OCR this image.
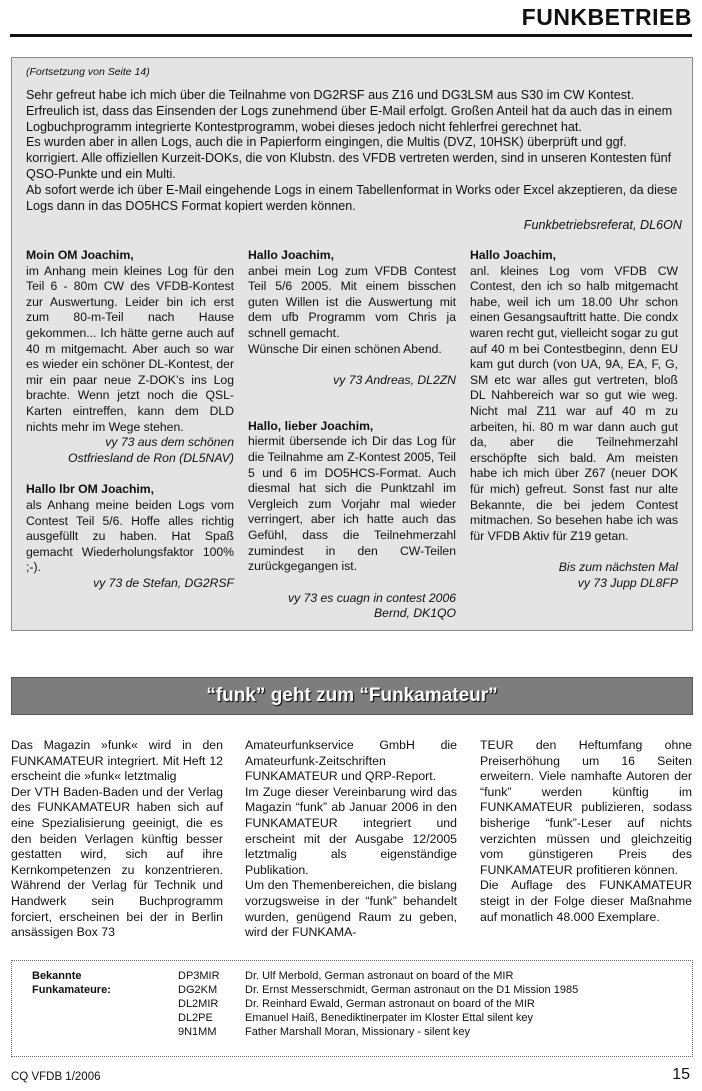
FUNKBETRIEB
(Fortsetzung von Seite 14)

Sehr gefreut habe ich mich über die Teilnahme von DG2RSF aus Z16 und DG3LSM aus S30 im CW Kontest. Erfreulich ist, dass das Einsenden der Logs zunehmend über E-Mail erfolgt. Großen Anteil hat da auch das in einem Logbuchprogramm integrierte Kontestprogramm, wobei dieses jedoch nicht fehlerfrei gerechnet hat.

Es wurden aber in allen Logs, auch die in Papierform eingingen, die Multis (DVZ, 10HSK) überprüft und ggf. korrigiert. Alle offiziellen Kurzeit-DOKs, die von Klubstn. des VFDB vertreten werden, sind in unseren Kontesten fünf QSO-Punkte und ein Multi.

Ab sofort werde ich über E-Mail eingehende Logs in einem Tabellenformat in Works oder Excel akzeptieren, da diese Logs dann in das DO5HCS Format kopiert werden können.

Funkbetriebsreferat, DL6ON

Moin OM Joachim,

im Anhang mein kleines Log für den Teil 6 - 80m CW des VFDB-Kontest zur Auswertung. Leider bin ich erst zum 80-m-Teil nach Hause gekommen... Ich hätte gerne auch auf 40 m mitgemacht. Aber auch so war es wieder ein schöner DL-Kontest, der mir ein paar neue Z-DOK’s ins Log brachte. Wenn jetzt noch die QSL-Karten eintreffen, kann dem DLD nichts mehr im Wege stehen.

vy 73 aus dem schönen

Ostfriesland de Ron (DL5NAV)

Hallo lbr OM Joachim,

als Anhang meine beiden Logs vom Contest Teil 5/6. Hoffe alles richtig ausgefüllt zu haben. Hat Spaß gemacht Wiederholungsfaktor 100% ;-).

vy 73 de Stefan, DG2RSF

Hallo Joachim,

anbei mein Log zum VFDB Contest Teil 5/6 2005. Mit einem bisschen guten Willen ist die Auswertung mit dem ufb Programm vom Chris ja schnell gemacht.

Wünsche Dir einen schönen Abend.

vy 73 Andreas, DL2ZN

Hallo, lieber Joachim,

hiermit übersende ich Dir das Log für die Teilnahme am Z-Kontest 2005, Teil 5 und 6 im DO5HCS-Format. Auch diesmal hat sich die Punktzahl im Vergleich zum Vorjahr mal wieder verringert, aber ich hatte auch das Gefühl, dass die Teilnehmerzahl zumindest in den CW-Teilen zurückgegangen ist.

vy 73 es cuagn in contest 2006

Bernd, DK1QO

Hallo Joachim,

anl. kleines Log vom VFDB CW Contest, den ich so halb mitgemacht habe, weil ich um 18.00 Uhr schon einen Gesangsauftritt hatte. Die condx waren recht gut, vielleicht sogar zu gut auf 40 m bei Contestbeginn, denn EU kam gut durch (von UA, 9A, EA, F, G, SM etc war alles gut vertreten, bloß DL Nahbereich war so gut wie weg. Nicht mal Z11 war auf 40 m zu arbeiten, hi. 80 m war dann auch gut da, aber die Teilnehmerzahl erschöpfte sich bald. Am meisten habe ich mich über Z67 (neuer DOK für mich) gefreut. Sonst fast nur alte Bekannte, die bei jedem Contest mitmachen. So besehen habe ich was für VFDB Aktiv für Z19 getan.

Bis zum nächsten Mal

vy 73 Jupp DL8FP

“funk” geht zum “Funkamateur”

Das Magazin »funk« wird in den FUNKAMATEUR integriert. Mit Heft 12 erscheint die »funk« letztmalig

Der VTH Baden-Baden und der Verlag des FUNKAMATEUR haben sich auf eine Spezialisierung geeinigt, die es den beiden Verlagen künftig besser gestatten wird, sich auf ihre Kernkompetenzen zu konzentrieren. Während der Verlag für Technik und Handwerk sein Buchprogramm forciert, erscheinen bei der in Berlin ansässigen Box 73

Amateurfunkservice GmbH die Amateurfunk-Zeitschriften FUNKAMATEUR und QRP-Report.

Im Zuge dieser Vereinbarung wird das Magazin “funk” ab Januar 2006 in den FUNKAMATEUR integriert und erscheint mit der Ausgabe 12/2005 letztmalig als eigenständige Publikation.

Um den Themenbereichen, die bislang vorzugsweise in der “funk” behandelt wurden, genügend Raum zu geben, wird der FUNKAMA-

TEUR den Heftumfang ohne Preiserhöhung um 16 Seiten erweitern. Viele namhafte Autoren der “funk” werden künftig im FUNKAMATEUR publizieren, sodass bisherige “funk”-Leser auf nichts verzichten müssen und gleichzeitig vom günstigeren Preis des FUNKAMATEUR profitieren können.

Die Auflage des FUNKAMATEUR steigt in der Folge dieser Maßnahme auf monatlich 48.000 Exemplare.

Bekannte
Funkamateure:
DP3MIR Dr. Ulf Merbold, German astronaut on board of the MIR
DG2KM	Dr. Ernst Messerschmidt, German astronaut on the D1 Mission 1985
DL2MIR Dr. Reinhard Ewald, German astronaut on board of the MIR
DL2PE	Emanuel Haiß, Benediktinerpater im Kloster Ettal silent key
9N1MM	Father Marshall Moran, Missionary - silent key
CQ VFDB 1/2006	15
